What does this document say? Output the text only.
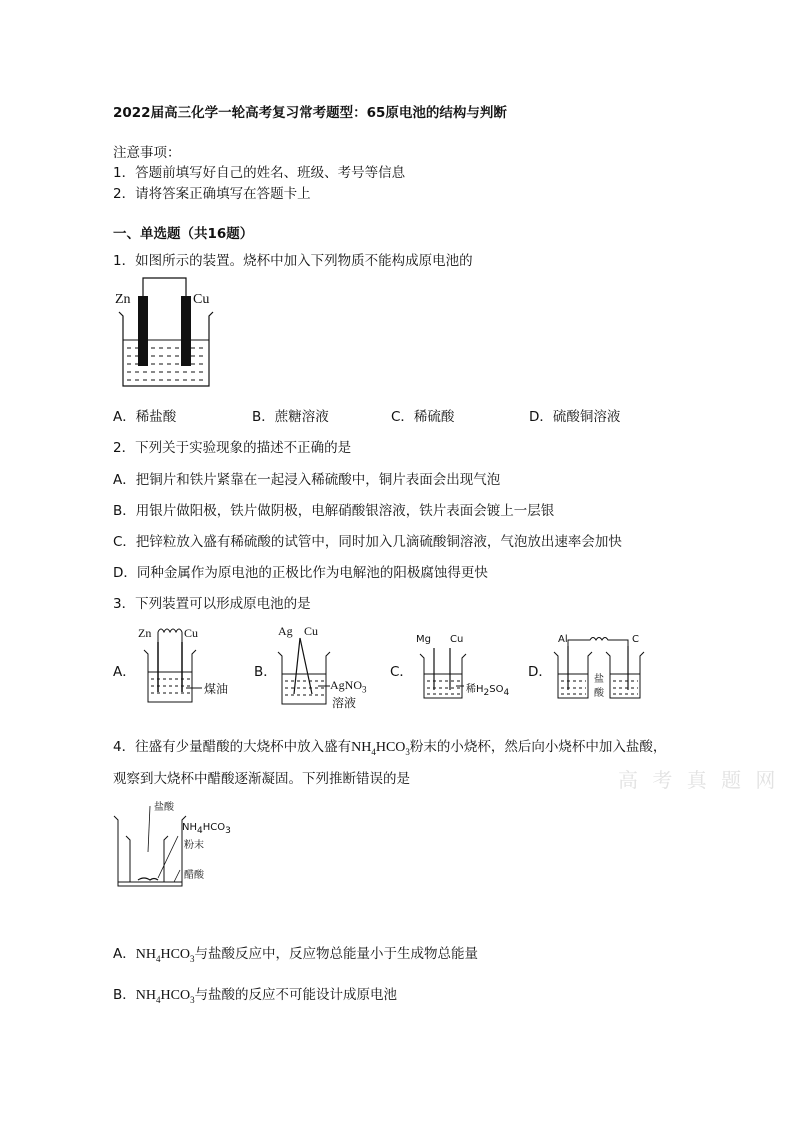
2022届高三化学一轮高考复习常考题型：65原电池的结构与判断
注意事项：
1．答题前填写好自己的姓名、班级、考号等信息
2．请将答案正确填写在答题卡上
一、单选题（共16题）
1．如图所示的装置。烧杯中加入下列物质不能构成原电池的
Zn	Cu
A．稀盐酸	B．蔗糖溶液	C．稀硫酸	D．硫酸铜溶液
2．下列关于实验现象的描述不正确的是
A．把铜片和铁片紧靠在一起浸入稀硫酸中，铜片表面会出现气泡
B．用银片做阳极，铁片做阴极，电解硝酸银溶液，铁片表面会镀上一层银
C．把锌粒放入盛有稀硫酸的试管中，同时加入几滴硫酸铜溶液，气泡放出速率会加快
D．同种金属作为原电池的正极比作为电解池的阳极腐蚀得更快
3．下列装置可以形成原电池的是
A．
Zn	Cu
煤油
B．
Ag Cu
AgNO$_3$
溶液
C．
Mg Cu
稀$H_2SO_4$
D．
Al	C
盐
酸
4．往盛有少量醋酸的大烧杯中放入盛有$NH_4HCO_3$粉末的小烧杯，然后向小烧杯中加入盐酸，
观察到大烧杯中醋酸逐渐凝固。下列推断错误的是	高 考 真 题 网
盐酸
$NH_4HCO_3$
粉末
醋酸
A．$NH_4HCO_3$与盐酸反应中，反应物总能量小于生成物总能量
B．$NH_4HCO_3$与盐酸的反应不可能设计成原电池
